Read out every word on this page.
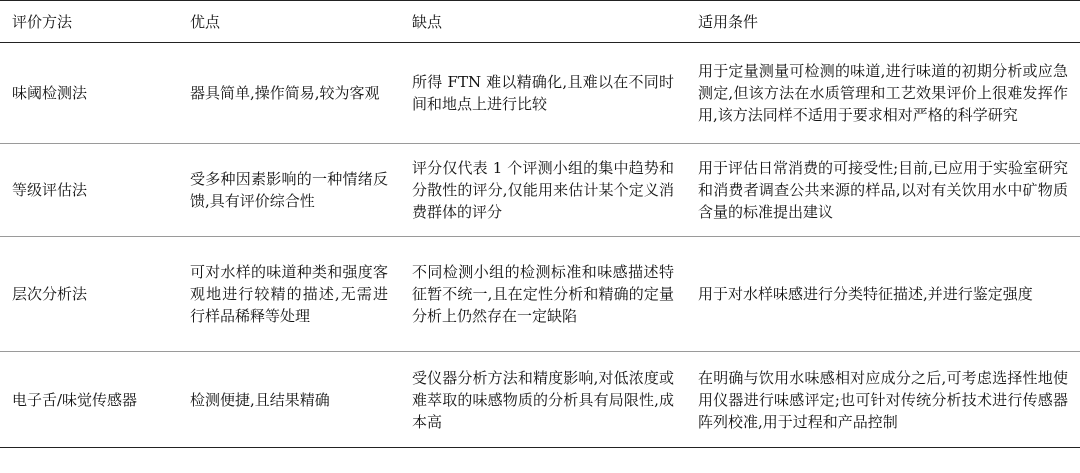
评价方法	优点	缺点	适用条件
味阈检测法	器具简单,操作简易,较为客观	所得 FTN 难以精确化,且难以在不同时间和地点上进行比较	用于定量测量可检测的味道,进行味道的初期分析或应急测定,但该方法在水质管理和工艺效果评价上很难发挥作用,该方法同样不适用于要求相对严格的科学研究
等级评估法	受多种因素影响的一种情绪反馈,具有评价综合性	评分仅代表 1 个评测小组的集中趋势和分散性的评分,仅能用来估计某个定义消费群体的评分	用于评估日常消费的可接受性;目前,已应用于实验室研究和消费者调查公共来源的样品,以对有关饮用水中矿物质含量的标准提出建议
层次分析法	可对水样的味道种类和强度客观地进行较精的描述,无需进行样品稀释等处理	不同检测小组的检测标准和味感描述特征暂不统一,且在定性分析和精确的定量分析上仍然存在一定缺陷	用于对水样味感进行分类特征描述,并进行鉴定强度
电子舌/味觉传感器	检测便捷,且结果精确	受仪器分析方法和精度影响,对低浓度或难萃取的味感物质的分析具有局限性,成本高	在明确与饮用水味感相对应成分之后,可考虑选择性地使用仪器进行味感评定;也可针对传统分析技术进行传感器阵列校准,用于过程和产品控制
